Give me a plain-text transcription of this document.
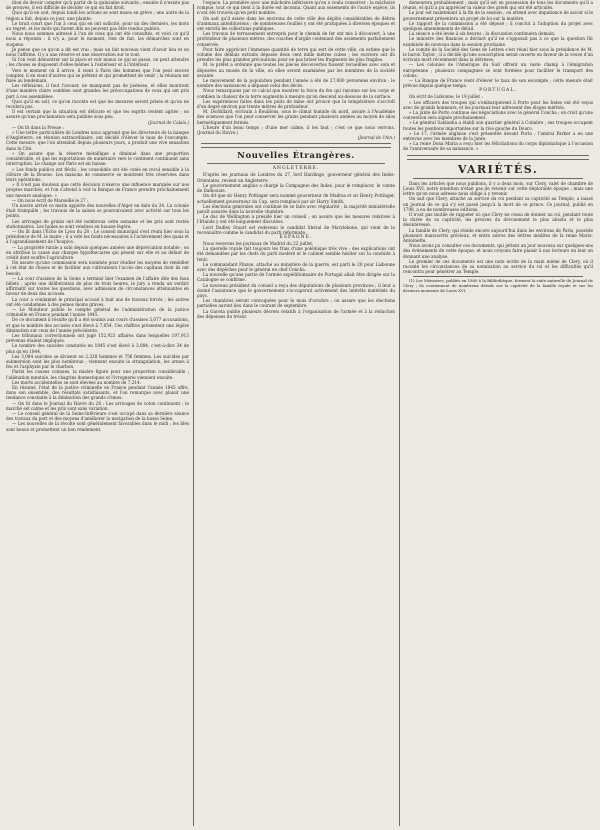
ition de devoir compter qu'à partir de la quinzaine suivante ; ensuite il n'existe pas de preuves, il est difficile de décider ce qui en fait droit.

Quoi qu'il en soit, depuis lundi les actions se sont mises en grève ; une autre de la région a fait, depuis ce jour, une plainte.

Le bruit court que l'un à ceux qui en ont sollicité, pour un des derniers, les mots au regret, et les mots qui furent dits ne peuvent pas être rendus publics.

Nous nous sommes adressé à l'un de ceux qui ont été consultés, et voici ce qu'il nous a répondu : il n'y a, pour le moment, rien de fait, les démarches sont en suspens.

Je pense que ce qu'on a dit est vrai ; mais un fait nouveau vient d'avoir lieu et on nous l'affirme. Il y a une réserve et une observation sur le tout.

Si l'on veut démontrer sur la place et voir mieux ce qui se passe, on peut attendre ; les choses se disposent d'elles-mêmes à l'extérieur et à l'intérieur.

Vers le moment où il arrive, il vient à Paris des hommes que l'on peut encore compter, il en vient d'autres qui se prêtent et qui promettent de venir ; la réunion est fixée au lendemain.

Les réflexions, il faut l'avouer, ne manquent pas de justesse, et elles montrent d'une manière claire combien sont grandes les préoccupations de ceux qui ont pris part à ces assemblées.

Quoi qu'il en soit, ce qu'on raconte est que les mesures seront prises et qu'on ne reculera pas.

Il est certain que la situation est délicate et que les esprits restent agités ; on assure qu'une proclamation sera publiée sous peu.

(Journal de Calais.)

— On lit dans la Presse :

« Une lettre particulière de Londres nous apprend que les directeurs de la banque d'Angleterre, en réunion extraordinaire, ont décidé d'élever le taux de l'escompte. Cette mesure, que l'on attendait depuis plusieurs jours, a produit une vive sensation dans la Cité.

» On assure que la réserve métallique a diminué dans une proportion considérable, et que les exportations de numéraire vers le continent continuent sans interruption. Le change sur Paris est en baisse.

» Les fonds publics ont fléchi ; les consolidés ont été cotés en recul sensible à la clôture de la Bourse. Les maisons de commerce se montrent très réservées dans leurs opérations.

» Il n'est pas douteux que cette décision n'exerce une influence marquée sur nos propres marchés, et l'on s'attend à voir la Banque de France prendre prochainement une mesure analogue. »

— On nous écrit de Marseille le 27 :

Un navire arrivé ce matin apporte des nouvelles d'Alger en date du 24. La colonie était tranquille ; les travaux de la saison se poursuivaient avec activité sur tous les points.

Les arrivages de grains ont été nombreux cette semaine et les prix sont restés stationnaires. Les huiles se sont vendues en hausse légère.

— On lit dans l'Écho de Lyon du 28 : Le conseil municipal s'est réuni hier sous la présidence de M. le maire ; il a voté les fonds nécessaires à l'achèvement des quais et à l'agrandissement de l'hospice.

— La propriété rurale a subi depuis quelques années une dépréciation notable ; on en attribue la cause aux charges hypothécaires qui pèsent sur elle et au défaut de crédit dont souffre l'agriculture.

On assure qu'une commission sera nommée pour étudier les moyens de remédier à cet état de choses et de faciliter aux cultivateurs l'accès des capitaux dont ils ont besoin.

— La cour d'assises de la Seine a terminé hier l'examen de l'affaire dite des faux billets ; après une délibération de plus de trois heures, le jury a rendu un verdict affirmatif sur toutes les questions, avec admission de circonstances atténuantes en faveur de deux des accusés.

La cour a condamné le principal accusé à huit ans de travaux forcés ; les autres ont été condamnés à des peines moins graves.

— Le Moniteur publie le compte général de l'administration de la justice criminelle en France pendant l'année 1845.

De ce document il résulte qu'il a été soumis aux cours d'assises 5,077 accusations, et que le nombre des accusés s'est élevé à 7,054. Ces chiffres présentent une légère diminution sur ceux de l'année précédente.

Les tribunaux correctionnels ont jugé 152,923 affaires dans lesquelles 197,913 prévenus étaient impliqués.

Le nombre des suicides constatés en 1845 s'est élevé à 3,084, c'est-à-dire 34 de plus qu'en 1844.

Les 3,084 suicides se divisent en 2,328 hommes et 756 femmes. Les suicides par submersion sont les plus nombreux ; viennent ensuite la strangulation, les armes à feu et l'asphyxie par le charbon.

Parmi les causes connues, la misère figure pour une proportion considérable ; l'aliénation mentale, les chagrins domestiques et l'ivrognerie viennent ensuite.

Les morts accidentelles se sont élevées au nombre de 7,214.

En résumé, l'état de la justice criminelle en France pendant l'année 1845 offre, dans son ensemble, des résultats satisfaisants, et l'on remarque avec plaisir une tendance constante à la diminution des grands crimes.

— On lit dans le Journal du Havre du 28 : Les arrivages de coton continuent ; le marché est calme et les prix sont sans variation.

— Le conseil général de la Seine-Inférieure s'est occupé dans sa dernière séance des travaux du port et des moyens d'améliorer la navigation de la basse Seine.

— Les nouvelles de la récolte sont généralement favorables dans le midi ; les blés sont beaux et promettent un bon rendement.

l'espace. La première avec une mâchoire inférieure qu'on a voulu conserver ; la mâchoire rompue, tout ce qui tient à la durée est inconnu. Quant aux ossements de l'autre espèce, ils n'ont été trouvés qu'en petit nombre.

On sait qu'il existe dans les environs de cette ville des dépôts considérables de débris d'animaux antédiluviens ; de nombreuses fouilles y ont été pratiquées à diverses époques et ont enrichi les collections publiques.

Les travaux de terrassement entrepris pour le chemin de fer ont mis à découvert, à une profondeur de plusieurs mètres, des couches d'argile contenant des ossements parfaitement conservés.

Pour faire apprécier l'immense quantité de terre qui sert de cette ville, on estime que le volume des déblais extraits dépasse deux cent mille mètres cubes ; les ouvriers ont dû prendre les plus grandes précautions pour ne pas briser les fragments les plus fragiles.

M. le préfet a ordonné que toutes les pièces découvertes fussent recueillies avec soin et déposées au musée de la ville, où elles seront examinées par les membres de la société savante.

Le mouvement de la population pendant l'année a été de 27,000 personnes environ ; le nombre des naissances a dépassé celui des décès.

Nous remarquons par ce calcul que montrer la force du feu qui rayonne sur les corps et combien la chaleur de la terre augmente à mesure qu'on descend au-dessous de la surface.

Les expériences faites dans les puits de mine ont prouvé que la température s'accroît d'un degré environ par trente mètres de profondeur.

M. Dorbillard, écrivain à Bouillons, sous le climat humide du nord, assure à l'Académie des sciences que l'on peut conserver les grains pendant plusieurs années au moyen de silos hermétiquement fermés.

L'heure d'un beau temps ; d'une mer calme, il les faut ; c'est ce que nous verrons. (Journal du Havre.)

(Journal de l'Ain.)

Nouvelles Étrangères.

ANGLETERRE.

D'après les journaux de Londres du 27, lord Hardinge, gouverneur général des Indes-Orientales, revient en Angleterre.

Le gouvernement anglais a chargé la Compagnie des Indes, pour le remplacer, le comte de Dalhousie.

On dit que sir Henry Pottinger sera nommé gouverneur de Madras et sir Henry Pottinger, actuellement gouverneur du Cap, sera remplacé par sir Harry Smith.

Les élections générales ont continué de se faire avec régularité ; la majorité ministérielle paraît assurée dans la nouvelle chambre.

Le duc de Wellington a présidé hier un conseil ; on assure que les mesures relatives à l'Irlande y ont été longuement discutées.

Lord Dudley Stuart est redevenu le candidat libéral de Marylebone, qui vient de le reconnaître comme le candidat du parti réformiste.

ESPAGNE.

Nous recevons les journaux de Madrid du 22 juillet.

La querelle royale fait toujours les frais d'une polémique très vive ; des explications ont été demandées par les chefs du parti modéré et le cabinet semble hésiter sur la conduite à tenir.

Le commandant Pinzon, attaché au ministère de la guerre, est parti le 20 pour Lisbonne avec des dépêches pour le général en chef Concha.

La nouvelle qu'une partie de l'armée expéditionnaire de Portugal allait être dirigée sur la Catalogne se confirme.

Le nouveau président du conseil a reçu des députations de plusieurs provinces ; il leur a donné l'assurance que le gouvernement s'occuperait activement des intérêts matériels du pays.

Les chambres seront convoquées pour le mois d'octobre ; on assure que les élections partielles auront lieu dans le courant de septembre.

La Gaceta publie plusieurs décrets relatifs à l'organisation de l'armée et à la réduction des dépenses du trésor.

demeurera probablement ; mais qu'il est en possession de tous les documents qu'il a réunis, et qu'il a pu apprécier la valeur des griefs qui ont été articulés.

Le jour est maintenant à la fin de la session ; on attend avec impatience de savoir si le gouvernement présentera un projet de loi sur la matière.

Le rapport de la commission a été déposé ; il conclut à l'adoption du projet avec quelques amendements de détail.

La séance a été levée à six heures ; la discussion continuera demain.

Le ministre des finances a déclaré qu'il ne s'opposait pas à ce que la question fût examinée de nouveau dans la session prochaine.

Le comité de la Société des Gens de Lettres s'est réuni hier sous la présidence de M. le baron Taylor ; il a décidé qu'une souscription serait ouverte en faveur de la veuve d'un écrivain mort récemment dans la détresse.

— Les colonies de l'Amérique du Sud offrent un vaste champ à l'émigration européenne ; plusieurs compagnies se sont formées pour faciliter le transport des colons.

— La Banque de France vient d'élever le taux de son escompte ; cette mesure était prévue depuis quelque temps.

PORTUGAL.

On écrit de Lisbonne, le 19 juillet :

« Les officiers des troupes qui s'embarquèrent à Porto pour les Indes ont été reçus avec de grands honneurs, et les journaux leur adressent des éloges mérités.

» La junte de Porto continue ses négociations avec le général Concha ; on croit qu'une convention sera signée prochainement.

» Le général Saldanha a établi son quartier général à Coimbre ; ses troupes occupent toutes les positions importantes sur la rive gauche du Douro.

» Le 17, l'armée anglaise s'est présentée devant Porto ; l'amiral Parker a eu une entrevue avec les membres de la junte.

» La reine Dona Maria a reçu hier les félicitations du corps diplomatique à l'occasion de l'anniversaire de sa naissance. »

VARIÉTÉS.

Dans les articles que nous publions, il y a deux mois, sur Clery, valet de chambre de Louis XVI, notre intention n'était pas de revenir sur cette déplorable époque ; mais une lettre qu'on nous adresse nous oblige à y revenir.

On sait que Clery, attaché au service du roi pendant sa captivité au Temple, a laissé un journal de ce qui s'y est passé jusqu'à la mort de ce prince. Ce journal, publié en 1798, a eu de nombreuses éditions.

Il n'est pas inutile de rappeler ici que Clery ne cessa de donner au roi, pendant toute la durée de sa captivité, les preuves du dévouement le plus absolu et le plus désintéressé.

La famille de Clery, qui réside encore aujourd'hui dans les environs de Paris, possède plusieurs manuscrits précieux, et entre autres des lettres inédites de la reine Marie-Antoinette.

Nous avons pu consulter ces documents, qui jettent un jour nouveau sur quelques-uns des événements de cette époque, et nous croyons faire plaisir à nos lecteurs en leur en donnant une analyse.

Le premier de ces documents est une note écrite de la main même de Clery, où il raconte les circonstances de sa nomination au service du roi et les difficultés qu'il rencontra pour pénétrer au Temple.

(1) Les Mémoires, publiés en 1800 à la Bibliothèque, forment la suite naturelle du Journal de Clery ; ils contiennent de nombreux détails sur la captivité de la famille royale et sur les derniers moments de Louis XVI.
